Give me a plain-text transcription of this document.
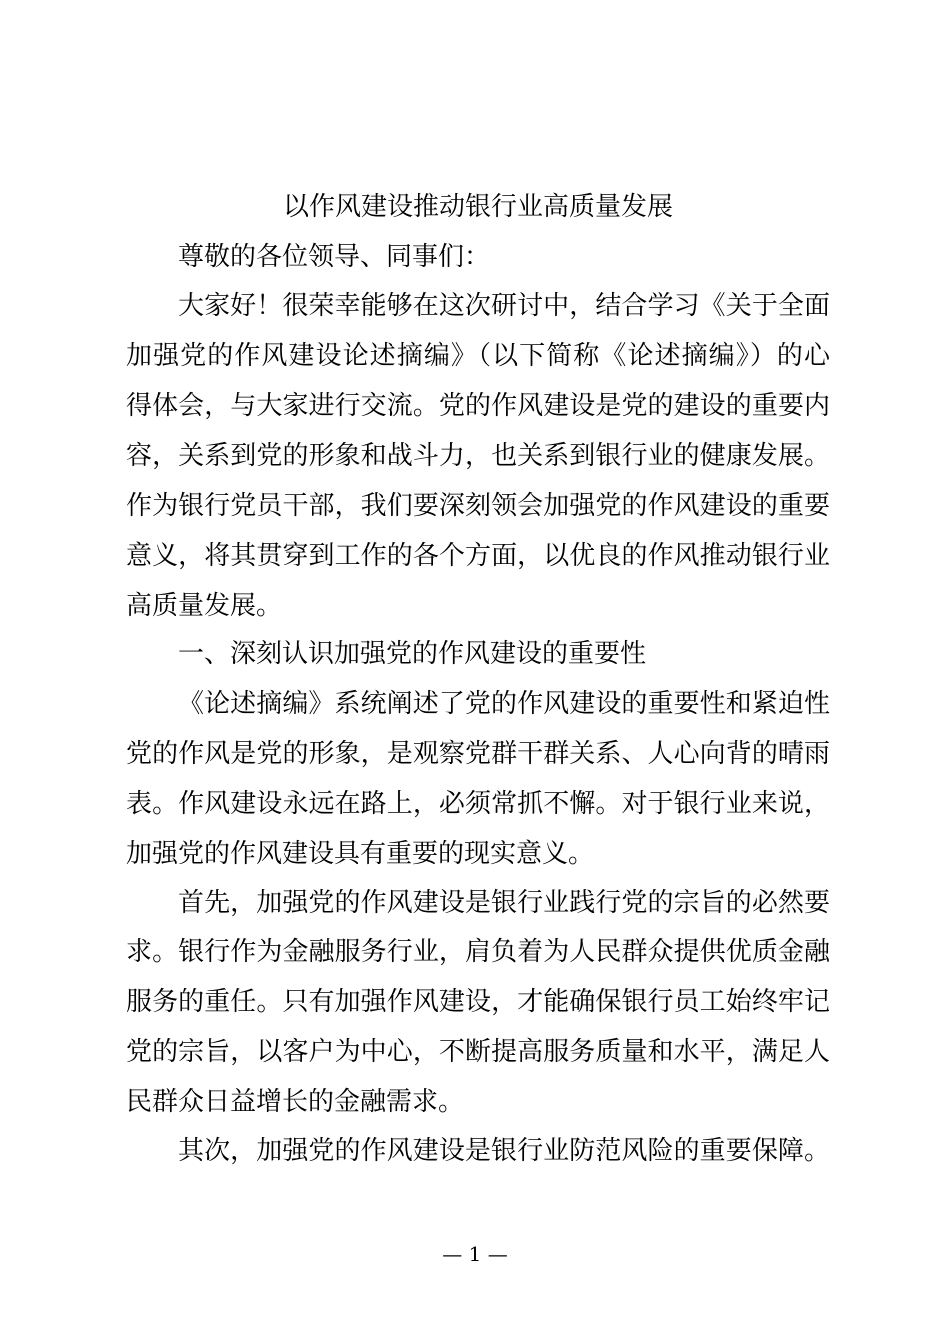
以作风建设推动银行业高质量发展
尊敬的各位领导、同事们：
大家好！很荣幸能够在这次研讨中，结合学习《关于全面
加强党的作风建设论述摘编》（以下简称《论述摘编》）的心
得体会，与大家进行交流。党的作风建设是党的建设的重要内
容，关系到党的形象和战斗力，也关系到银行业的健康发展。
作为银行党员干部，我们要深刻领会加强党的作风建设的重要
意义，将其贯穿到工作的各个方面，以优良的作风推动银行业
高质量发展。
一、深刻认识加强党的作风建设的重要性
《论述摘编》系统阐述了党的作风建设的重要性和紧迫性
党的作风是党的形象，是观察党群干群关系、人心向背的晴雨
表。作风建设永远在路上，必须常抓不懈。对于银行业来说，
加强党的作风建设具有重要的现实意义。
首先，加强党的作风建设是银行业践行党的宗旨的必然要
求。银行作为金融服务行业，肩负着为人民群众提供优质金融
服务的重任。只有加强作风建设，才能确保银行员工始终牢记
党的宗旨，以客户为中心，不断提高服务质量和水平，满足人
民群众日益增长的金融需求。
其次，加强党的作风建设是银行业防范风险的重要保障。
— 1 —
